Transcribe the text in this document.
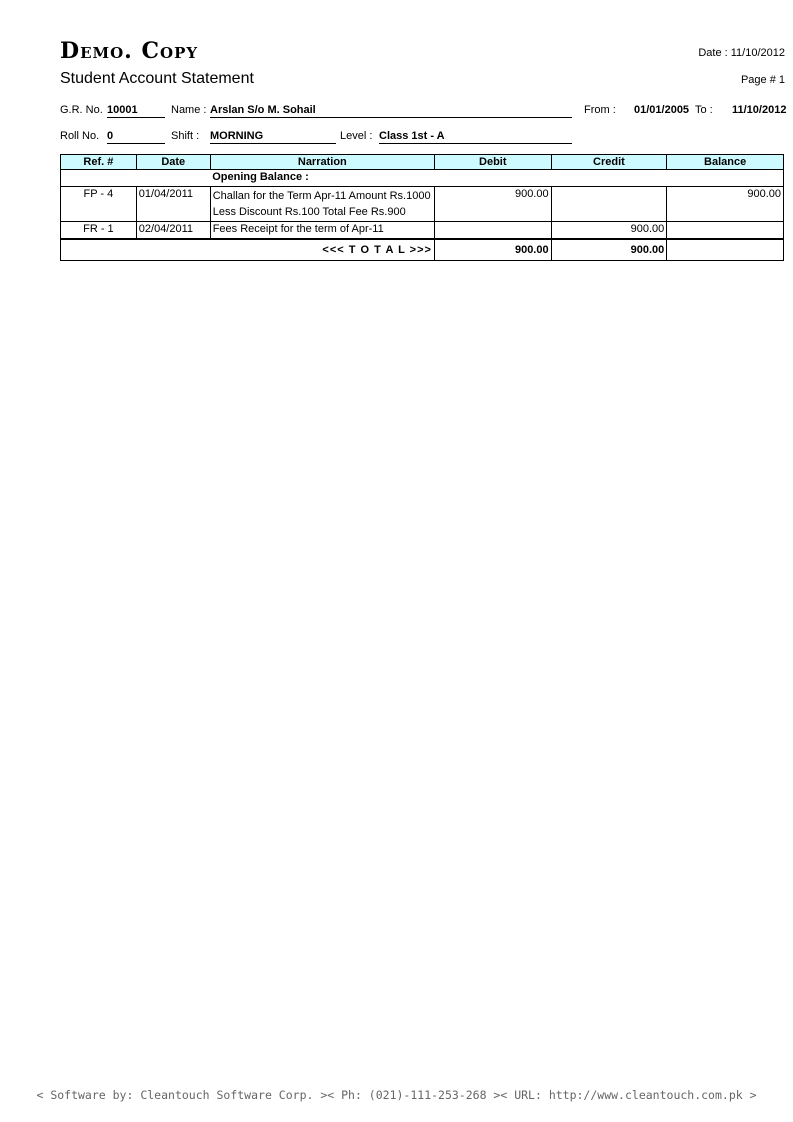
Demo. Copy
Student Account Statement
Date : 11/10/2012
Page # 1
G.R. No. 10001	Name : Arslan S/o M. Sohail	From : 01/01/2005 To : 11/10/2012
Roll No. 0	Shift : MORNING	Level : Class 1st - A
Ref. #	Date	Narration	Debit	Credit	Balance
		Opening Balance :			
FP - 4	01/04/2011	Challan for the Term Apr-11 Amount Rs.1000
Less Discount Rs.100 Total Fee Rs.900	900.00		900.00
FR - 1	02/04/2011	Fees Receipt for the term of Apr-11		900.00	
<<< T O T A L >>>			900.00	900.00	
< Software by: Cleantouch Software Corp. >< Ph: (021)-111-253-268 >< URL: http://www.cleantouch.com.pk >
